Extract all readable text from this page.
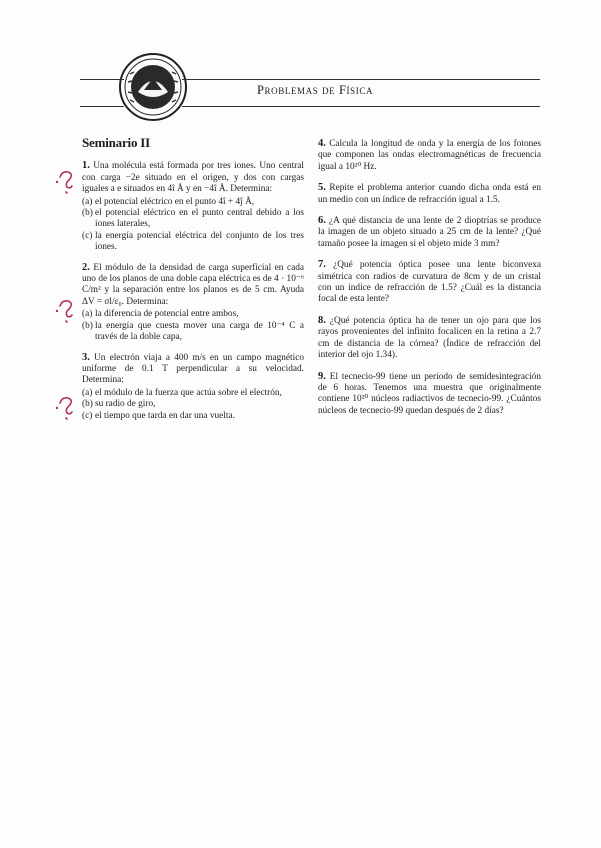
Problemas de Física
Seminario II
1. Una molécula está formada por tres iones. Uno central con carga −2e situado en el origen, y dos con cargas iguales a e situados en 4î Å y en −4î Å. Determina:
(a) el potencial eléctrico en el punto 4î + 4ĵ Å,
(b) el potencial eléctrico en el punto central debido a los iones laterales,
(c) la energía potencial eléctrica del conjunto de los tres iones.
2. El módulo de la densidad de carga superficial en cada uno de los planos de una doble capa eléctrica es de 4 · 10⁻⁶ C/m² y la separación entre los planos es de 5 cm. Ayuda ΔV = σl/ε₀. Determina:
(a) la diferencia de potencial entre ambos,
(b) la energía que cuesta mover una carga de 10⁻⁴ C a través de la doble capa,
3. Un electrón viaja a 400 m/s en un campo magnético uniforme de 0.1 T perpendicular a su velocidad. Determina:
(a) el módulo de la fuerza que actúa sobre el electrón,
(b) su radio de giro,
(c) el tiempo que tarda en dar una vuelta.
4. Calcula la longitud de onda y la energía de los fotones que componen las ondas electromagnéticas de frecuencia igual a 10²⁰ Hz.
5. Repite el problema anterior cuando dicha onda está en un medio con un índice de refracción igual a 1.5.
6. ¿A qué distancia de una lente de 2 dioptrías se produce la imagen de un objeto situado a 25 cm de la lente? ¿Qué tamaño posee la imagen si el objeto mide 3 mm?
7. ¿Qué potencia óptica posee una lente biconvexa simétrica con radios de curvatura de 8cm y de un cristal con un índice de refracción de 1.5? ¿Cuál es la distancia focal de esta lente?
8. ¿Qué potencia óptica ha de tener un ojo para que los rayos provenientes del infinito focalicen en la retina a 2.7 cm de distancia de la córnea? (Índice de refracción del interior del ojo 1.34).
9. El tecnecio-99 tiene un período de semidesintegración de 6 horas. Tenemos una muestra que originalmente contiene 10²⁰ núcleos radiactivos de tecnecio-99. ¿Cuántos núcleos de tecnecio-99 quedan después de 2 días?
